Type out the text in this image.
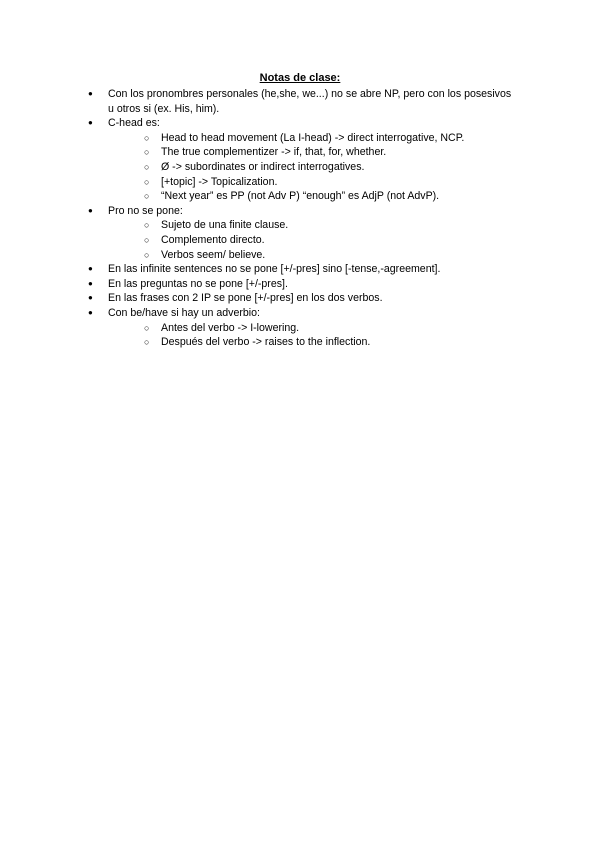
Notas de clase:
● Con los pronombres personales (he,she, we...) no se abre NP, pero con los posesivos u otros si (ex. His, him).
● C-head es:
○ Head to head movement (La I-head) -> direct interrogative, NCP.
○ The true complementizer -> if, that, for, whether.
○ Ø -> subordinates or indirect interrogatives.
○ [+topic] -> Topicalization.
○ “Next year” es PP (not Adv P) “enough” es AdjP (not AdvP).
● Pro no se pone:
○ Sujeto de una finite clause.
○ Complemento directo.
○ Verbos seem/ believe.
● En las infinite sentences no se pone [+/-pres] sino [-tense,-agreement].
● En las preguntas no se pone [+/-pres].
● En las frases con 2 IP se pone [+/-pres] en los dos verbos.
● Con be/have si hay un adverbio:
○ Antes del verbo -> I-lowering.
○ Después del verbo -> raises to the inflection.
